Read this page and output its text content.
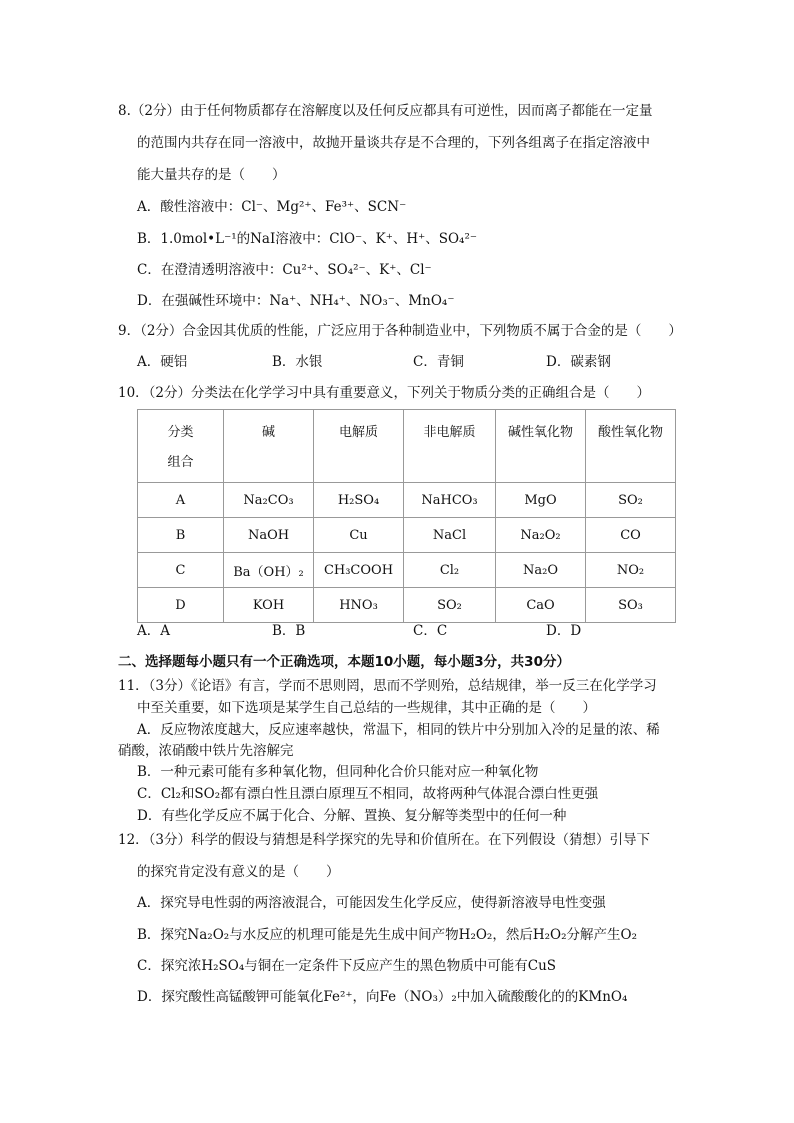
8.（2分）由于任何物质都存在溶解度以及任何反应都具有可逆性，因而离子都能在一定量
的范围内共存在同一溶液中，故抛开量谈共存是不合理的，下列各组离子在指定溶液中
能大量共存的是（　　）
A．酸性溶液中：Cl⁻、Mg²⁺、Fe³⁺、SCN⁻
B．1.0mol•L⁻¹的NaI溶液中：ClO⁻、K⁺、H⁺、SO₄²⁻
C．在澄清透明溶液中：Cu²⁺、SO₄²⁻、K⁺、Cl⁻
D．在强碱性环境中：Na⁺、NH₄⁺、NO₃⁻、MnO₄⁻
9．（2分）合金因其优质的性能，广泛应用于各种制造业中，下列物质不属于合金的是（　　）
A．硬铝	B．水银	C．青铜	D．碳素钢
10．（2分）分类法在化学学习中具有重要意义，下列关于物质分类的正确组合是（　　）
分类
组合	碱	电解质	非电解质	碱性氧化物	酸性氧化物
A	Na₂CO₃	H₂SO₄	NaHCO₃	MgO	SO₂
B	NaOH	Cu	NaCl	Na₂O₂	CO
C	Ba（OH）₂	CH₃COOH	Cl₂	Na₂O	NO₂
D	KOH	HNO₃	SO₂	CaO	SO₃
A．A	B．B	C．C	D．D
二、选择题每小题只有一个正确选项，本题10小题，每小题3分，共30分）
11．（3分）《论语》有言，学而不思则罔，思而不学则殆，总结规律，举一反三在化学学习
中至关重要，如下选项是某学生自己总结的一些规律，其中正确的是（　　）
A．反应物浓度越大，反应速率越快，常温下，相同的铁片中分别加入冷的足量的浓、稀
硝酸，浓硝酸中铁片先溶解完
B．一种元素可能有多种氧化物，但同种化合价只能对应一种氧化物
C．Cl₂和SO₂都有漂白性且漂白原理互不相同，故将两种气体混合漂白性更强
D．有些化学反应不属于化合、分解、置换、复分解等类型中的任何一种
12．（3分）科学的假设与猜想是科学探究的先导和价值所在。在下列假设（猜想）引导下
的探究肯定没有意义的是（　　）
A．探究导电性弱的两溶液混合，可能因发生化学反应，使得新溶液导电性变强
B．探究Na₂O₂与水反应的机理可能是先生成中间产物H₂O₂，然后H₂O₂分解产生O₂
C．探究浓H₂SO₄与铜在一定条件下反应产生的黑色物质中可能有CuS
D．探究酸性高锰酸钾可能氧化Fe²⁺，向Fe（NO₃）₂中加入硫酸酸化的的KMnO₄
